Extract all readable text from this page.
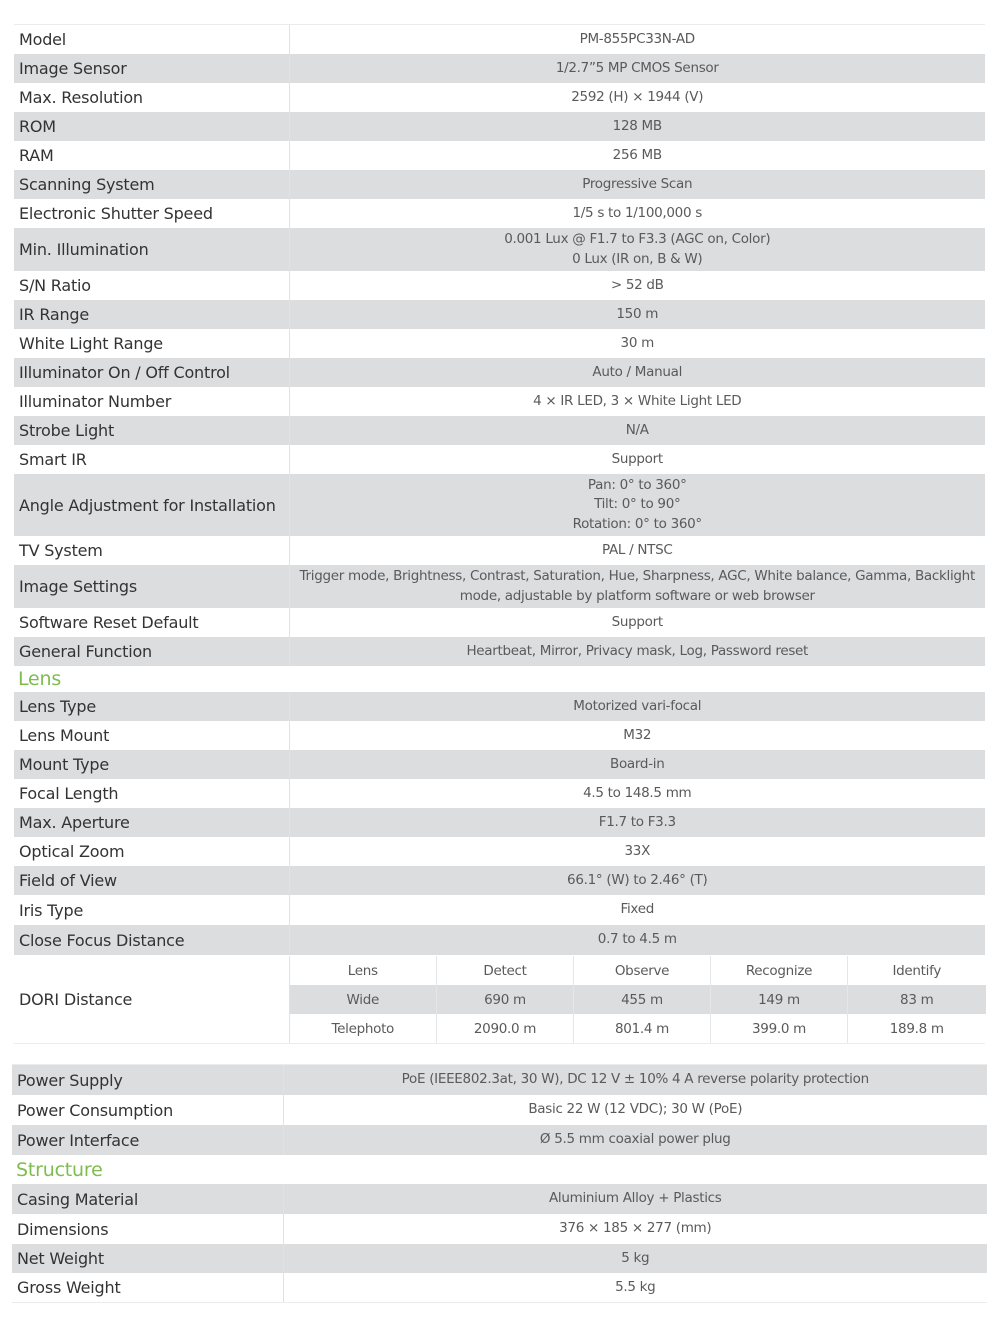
Model	PM-855PC33N-AD

Image Sensor	1/2.7”5 MP CMOS Sensor

Max. Resolution	2592 (H) × 1944 (V)

ROM	128 MB

RAM	256 MB

Scanning System	Progressive Scan

Electronic Shutter Speed	1/5 s to 1/100,000 s

Min. Illumination	0.001 Lux @ F1.7 to F3.3 (AGC on, Color)
0 Lux (IR on, B & W)

S/N Ratio	> 52 dB

IR Range	150 m

White Light Range	30 m

Illuminator On / Off Control	Auto / Manual

Illuminator Number	4 × IR LED, 3 × White Light LED

Strobe Light	N/A

Smart IR	Support

Angle Adjustment for Installation	Pan: 0° to 360°
Tilt: 0° to 90°
Rotation: 0° to 360°

TV System	PAL / NTSC

Image Settings	Trigger mode, Brightness, Contrast, Saturation, Hue, Sharpness, AGC, White balance, Gamma, Backlight
mode, adjustable by platform software or web browser

Software Reset Default	Support

General Function	Heartbeat, Mirror, Privacy mask, Log, Password reset
Lens
Lens Type	Motorized vari-focal

Lens Mount	M32

Mount Type	Board-in

Focal Length	4.5 to 148.5 mm

Max. Aperture	F1.7 to F3.3

Optical Zoom	33X

Field of View	66.1° (W) to 2.46° (T)

Iris Type	Fixed

Close Focus Distance	0.7 to 4.5 m
DORI Distance	
Lens	Detect	Observe	Recognize	Identify
Wide	690 m	455 m	149 m	83 m
Telephoto	2090.0 m	801.4 m	399.0 m	189.8 m
Power Supply	PoE (IEEE802.3at, 30 W), DC 12 V ± 10% 4 A reverse polarity protection

Power Consumption	Basic 22 W (12 VDC); 30 W (PoE)

Power Interface	Ø 5.5 mm coaxial power plug
Structure
Casing Material	Aluminium Alloy + Plastics

Dimensions	376 × 185 × 277 (mm)

Net Weight	5 kg

Gross Weight	5.5 kg
